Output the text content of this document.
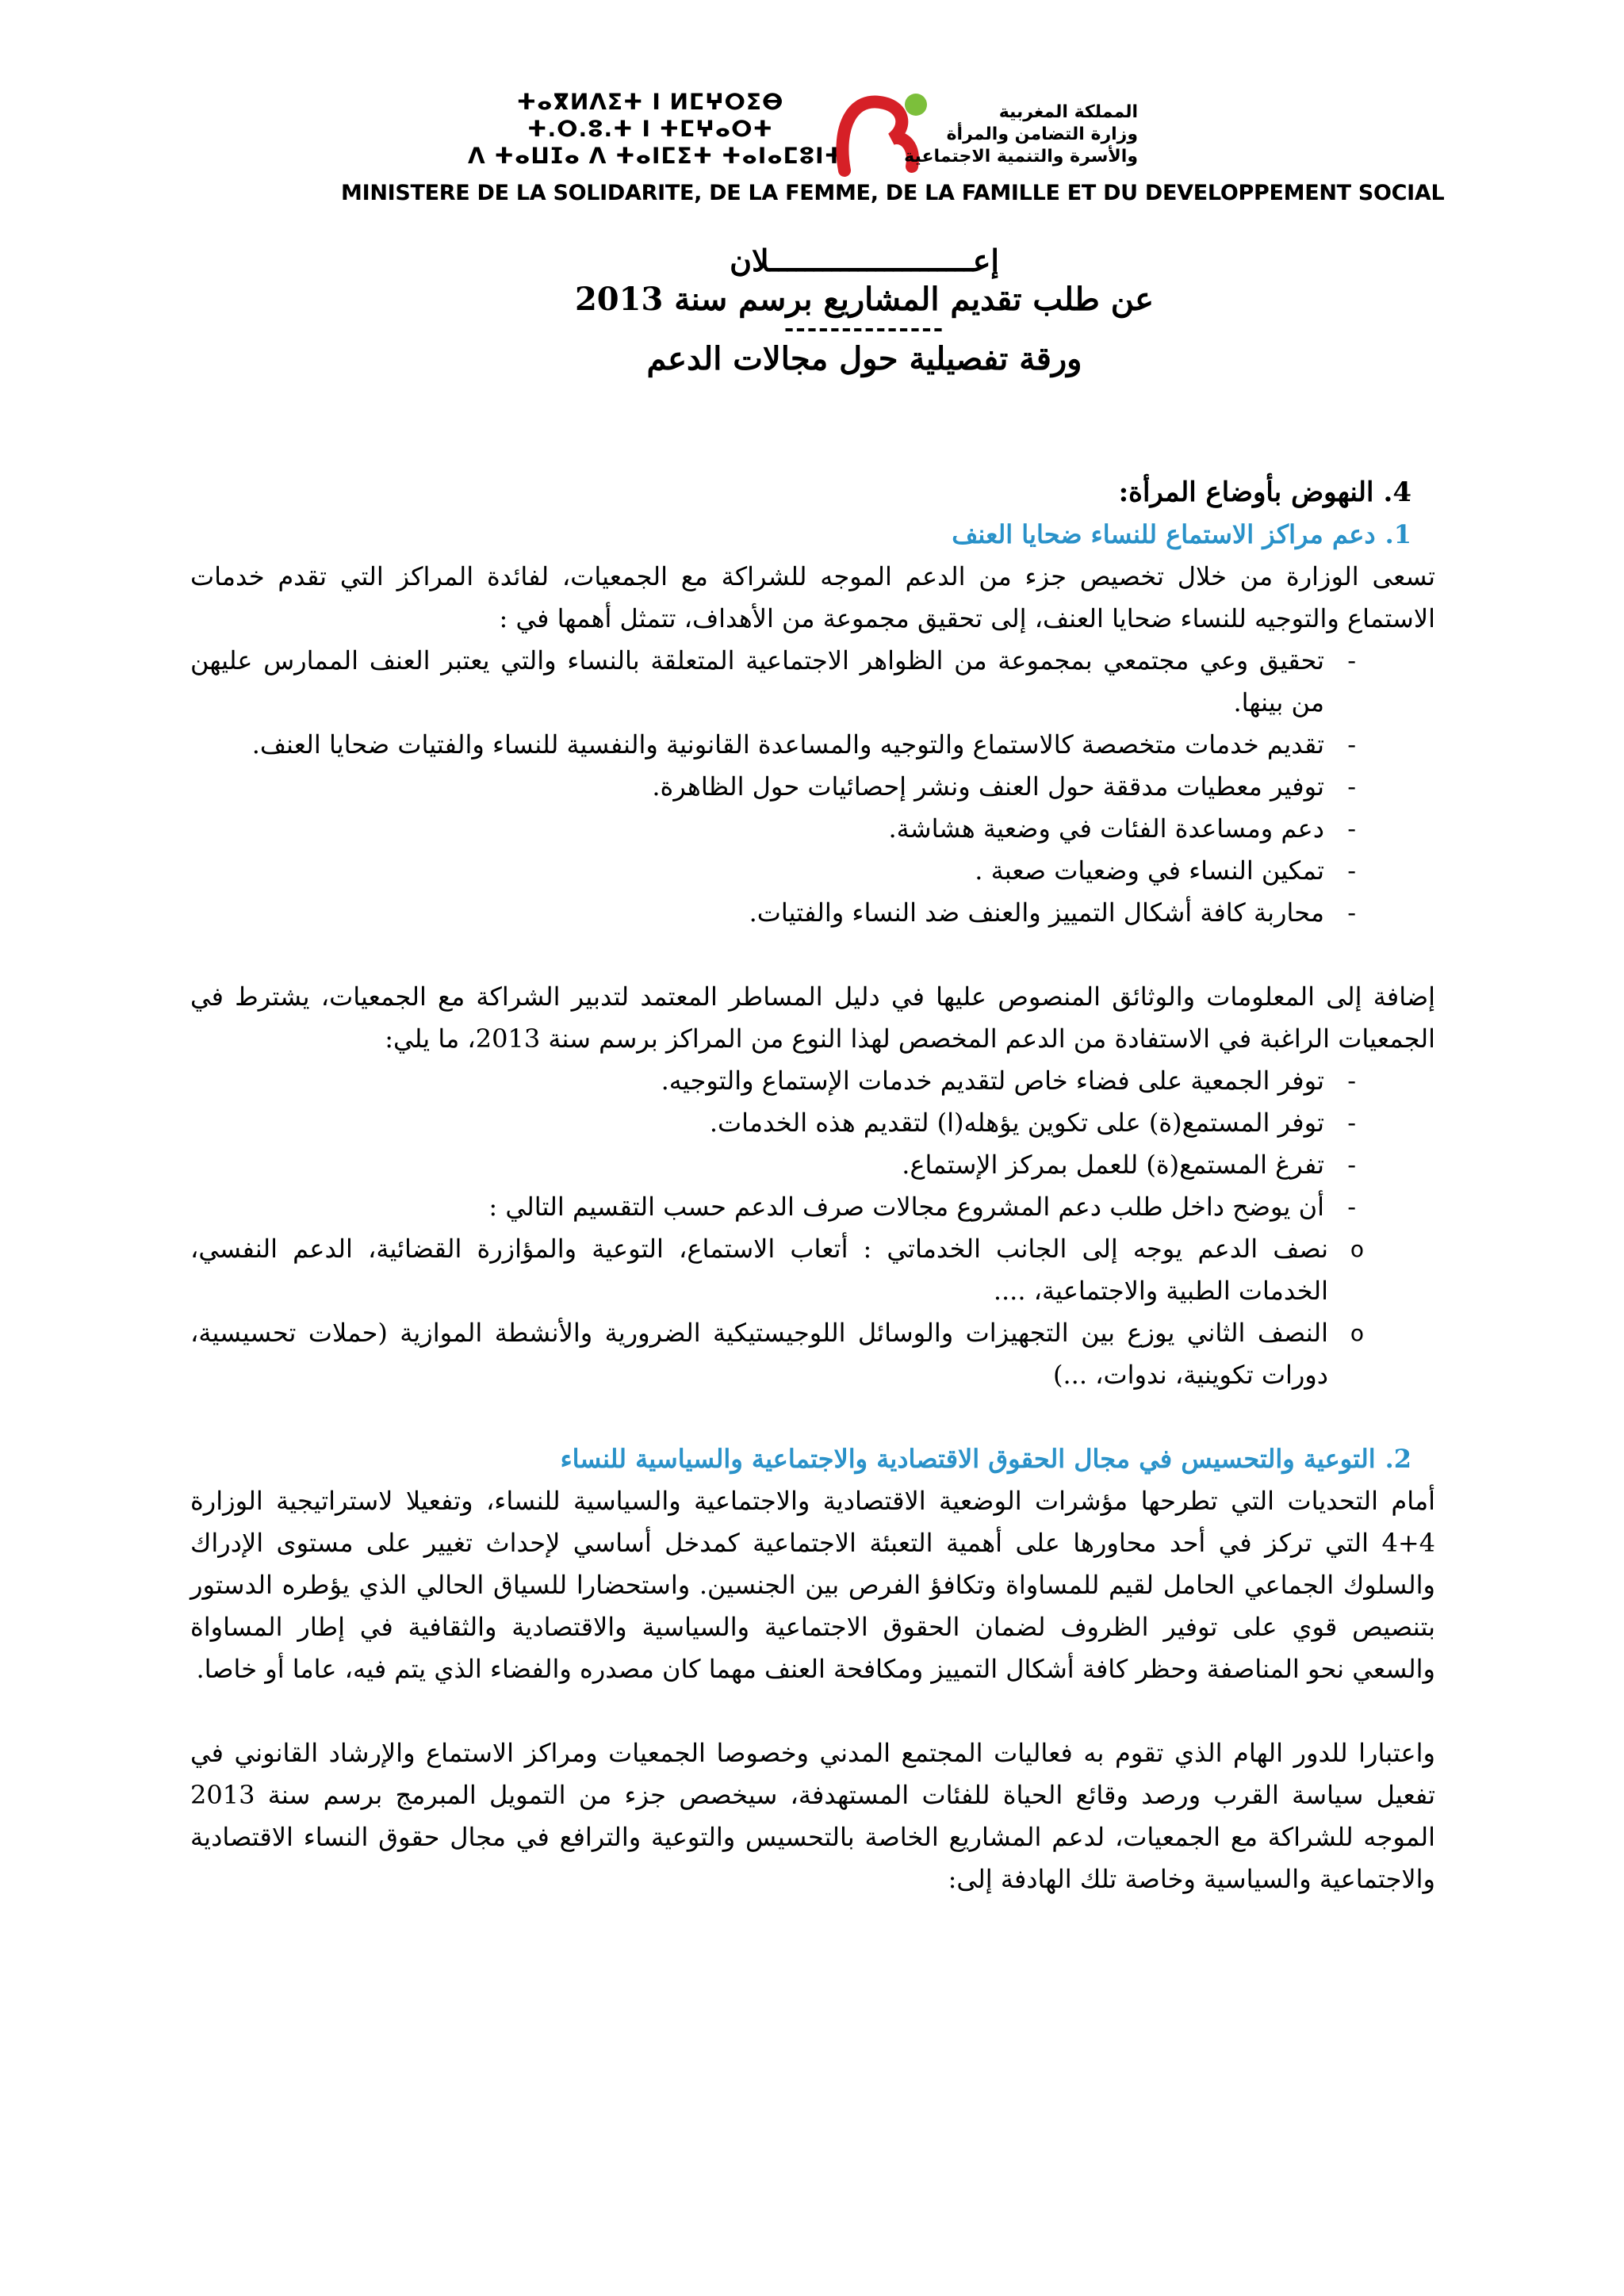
ⵜⴰⴳⵍⴷⵉⵜ ⵏ ⵍⵎⵖⵔⵉⴱ
ⵜ.ⵔ.ⵓ.ⵜ ⵏ ⵜⵎⵖⴰⵔⵜ
ⴷ ⵜⴰⵡⵊⴰ ⴷ ⵜⴰⵏⵎⵉⵜ ⵜⴰⵏⴰⵎⵓⵏⵜ
المملكة المغربية
وزارة التضامن والمرأة
والأسرة والتنمية الاجتماعية
MINISTERE DE LA SOLIDARITE, DE LA FEMME, DE LA FAMILLE ET DU DEVELOPPEMENT SOCIAL
إعـــــــــــــــــــــــلان
عن طلب تقديم المشاريع برسم سنة 2013
--------------
ورقة تفصيلية حول مجالات الدعم

4.النهوض بأوضاع المرأة:

1.دعم مراكز الاستماع للنساء ضحايا العنف

تسعى الوزارة من خلال تخصيص جزء من الدعم الموجه للشراكة مع الجمعيات، لفائدة المراكز التي تقدم خدمات الاستماع والتوجيه للنساء ضحايا العنف، إلى تحقيق مجموعة من الأهداف، تتمثل أهمها في :

- تحقيق وعي مجتمعي بمجموعة من الظواهر الاجتماعية المتعلقة بالنساء والتي يعتبر العنف الممارس عليهن من بينها.
- تقديم خدمات متخصصة كالاستماع والتوجيه والمساعدة القانونية والنفسية للنساء والفتيات ضحايا العنف.
- توفير معطيات مدققة حول العنف ونشر إحصائيات حول الظاهرة.
- دعم ومساعدة الفئات في وضعية هشاشة.
- تمكين النساء في وضعيات صعبة .
- محاربة كافة أشكال التمييز والعنف ضد النساء والفتيات.

إضافة إلى المعلومات والوثائق المنصوص عليها في دليل المساطر المعتمد لتدبير الشراكة مع الجمعيات، يشترط في الجمعيات الراغبة في الاستفادة من الدعم المخصص لهذا النوع من المراكز برسم سنة 2013، ما يلي:

- توفر الجمعية على فضاء خاص لتقديم خدمات الإستماع والتوجيه.
- توفر المستمع(ة) على تكوين يؤهله(ا) لتقديم هذه الخدمات.
- تفرغ المستمع(ة) للعمل بمركز الإستماع.
- أن يوضح داخل طلب دعم المشروع مجالات صرف الدعم حسب التقسيم التالي :
o نصف الدعم يوجه إلى الجانب الخدماتي : أتعاب الاستماع، التوعية والمؤازرة القضائية، الدعم النفسي، الخدمات الطبية والاجتماعية، ....
o النصف الثاني يوزع بين التجهيزات والوسائل اللوجيستيكية الضرورية والأنشطة الموازية (حملات تحسيسية، دورات تكوينية، ندوات، ...)

2.التوعية والتحسيس في مجال الحقوق الاقتصادية والاجتماعية والسياسية للنساء

أمام التحديات التي تطرحها مؤشرات الوضعية الاقتصادية والاجتماعية والسياسية للنساء، وتفعيلا لاستراتيجية الوزارة 4+4 التي تركز في أحد محاورها على أهمية التعبئة الاجتماعية كمدخل أساسي لإحداث تغيير على مستوى الإدراك والسلوك الجماعي الحامل لقيم للمساواة وتكافؤ الفرص بين الجنسين. واستحضارا للسياق الحالي الذي يؤطره الدستور بتنصيص قوي على توفير الظروف لضمان الحقوق الاجتماعية والسياسية والاقتصادية والثقافية في إطار المساواة والسعي نحو المناصفة وحظر كافة أشكال التمييز ومكافحة العنف مهما كان مصدره والفضاء الذي يتم فيه، عاما أو خاصا.

واعتبارا للدور الهام الذي تقوم به فعاليات المجتمع المدني وخصوصا الجمعيات ومراكز الاستماع والإرشاد القانوني في تفعيل سياسة القرب ورصد وقائع الحياة للفئات المستهدفة، سيخصص جزء من التمويل المبرمج برسم سنة 2013 الموجه للشراكة مع الجمعيات، لدعم المشاريع الخاصة بالتحسيس والتوعية والترافع في مجال حقوق النساء الاقتصادية والاجتماعية والسياسية وخاصة تلك الهادفة إلى:
